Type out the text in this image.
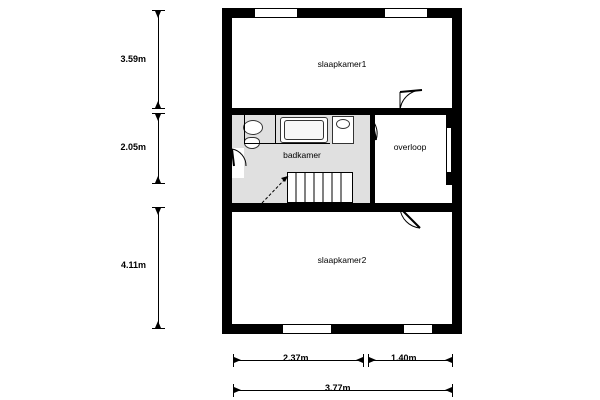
slaapkamer1
badkamer
overloop
slaapkamer2
3.59m
2.05m
4.11m
2.37m	1.40m
3.77m
